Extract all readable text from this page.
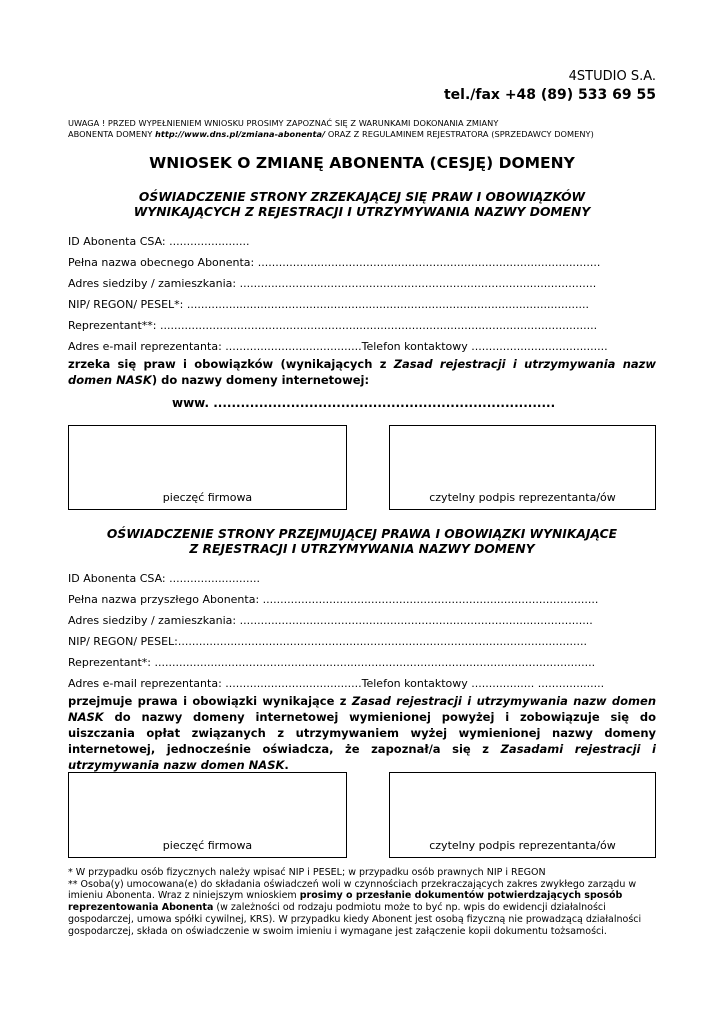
4STUDIO S.A.
tel./fax +48 (89) 533 69 55
UWAGA ! PRZED WYPEŁNIENIEM WNIOSKU PROSIMY ZAPOZNAĆ SIĘ Z WARUNKAMI DOKONANIA ZMIANY
ABONENTA DOMENY http://www.dns.pl/zmiana-abonenta/ ORAZ Z REGULAMINEM REJESTRATORA (SPRZEDAWCY DOMENY)
WNIOSEK O ZMIANĘ ABONENTA (CESJĘ) DOMENY
OŚWIADCZENIE STRONY ZRZEKAJĄCEJ SIĘ PRAW I OBOWIĄZKÓW
WYNIKAJĄCYCH Z REJESTRACJI I UTRZYMYWANIA NAZWY DOMENY
ID Abonenta CSA: .......................
Pełna nazwa obecnego Abonenta: ..................................................................................................
Adres siedziby / zamieszkania: ......................................................................................................
NIP/ REGON/ PESEL*: ...................................................................................................................
Reprezentant**: .............................................................................................................................
Adres e-mail reprezentanta: .......................................Telefon kontaktowy .......................................
zrzeka się praw i obowiązków (wynikających z Zasad rejestracji i utrzymywania nazw domen NASK) do nazwy domeny internetowej:
www. ...........................................................................
pieczęć firmowa	czytelny podpis reprezentanta/ów
OŚWIADCZENIE STRONY PRZEJMUJĄCEJ PRAWA I OBOWIĄZKI WYNIKAJĄCE
Z REJESTRACJI I UTRZYMYWANIA NAZWY DOMENY
ID Abonenta CSA: ..........................
Pełna nazwa przyszłego Abonenta: ................................................................................................
Adres siedziby / zamieszkania: .....................................................................................................
NIP/ REGON/ PESEL:.....................................................................................................................
Reprezentant*: ..............................................................................................................................
Adres e-mail reprezentanta: .......................................Telefon kontaktowy .................. ...................
przejmuje prawa i obowiązki wynikające z Zasad rejestracji i utrzymywania nazw domen NASK do nazwy domeny internetowej wymienionej powyżej i zobowiązuje się do uiszczania opłat związanych z utrzymywaniem wyżej wymienionej nazwy domeny internetowej, jednocześnie oświadcza, że zapoznał/a się z Zasadami rejestracji i utrzymywania nazw domen NASK.
pieczęć firmowa	czytelny podpis reprezentanta/ów

* W przypadku osób fizycznych należy wpisać NIP i PESEL; w przypadku osób prawnych NIP i REGON

** Osoba(y) umocowana(e) do składania oświadczeń woli w czynnościach przekraczających zakres zwykłego zarządu w imieniu Abonenta. Wraz z niniejszym wnioskiem prosimy o przesłanie dokumentów potwierdzających sposób reprezentowania Abonenta (w zależności od rodzaju podmiotu może to być np. wpis do ewidencji działalności gospodarczej, umowa spółki cywilnej, KRS). W przypadku kiedy Abonent jest osobą fizyczną nie prowadzącą działalności gospodarczej, składa on oświadczenie w swoim imieniu i wymagane jest załączenie kopii dokumentu tożsamości.
